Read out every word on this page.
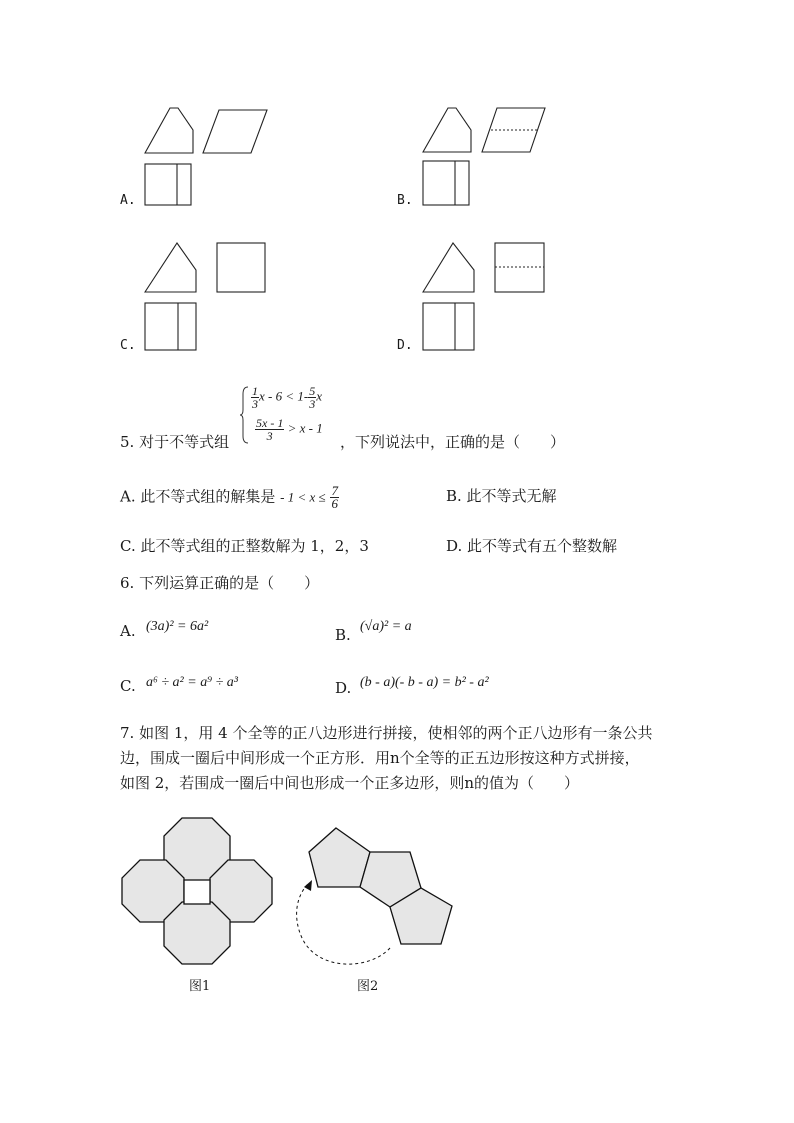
A.	B.
C.	D.
5. 对于不等式组
$\frac{1}{3}$ $x - 6 < 1- \frac{5}{3}$ x
$\frac{5x - 1}{3} > x - 1$
，下列说法中，正确的是（　　）
A. 此不等式组的解集是 - $1 < x \le \frac{7}{6}$	B. 此不等式无解
C. 此不等式组的正整数解为 1，2，3	D. 此不等式有五个整数解
6. 下列运算正确的是（　　）
A. (3a)² = 6a²	B. (√a)² = a
C. a⁶ ÷ a² = a⁹ ÷ a³	D. (b - a)(- b - a) = b² - a²
7. 如图 1，用 4 个全等的正八边形进行拼接，使相邻的两个正八边形有一条公共
边，围成一圈后中间形成一个正方形．用n个全等的正五边形按这种方式拼接，
如图 2，若围成一圈后中间也形成一个正多边形，则n的值为（　　）
图1	图2
